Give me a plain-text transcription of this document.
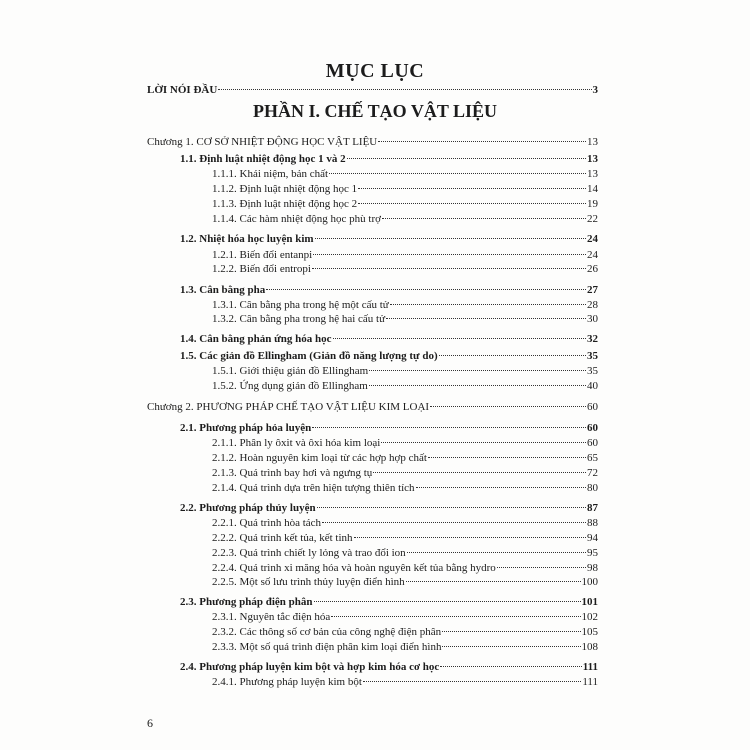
MỤC LỤC
LỜI NÓI ĐẦU	3
PHẦN I. CHẾ TẠO VẬT LIỆU
Chương 1. CƠ SỞ NHIỆT ĐỘNG HỌC VẬT LIỆU	13
1.1. Định luật nhiệt động học 1 và 2	13
1.1.1. Khái niệm, bản chất	13
1.1.2. Định luật nhiệt động học 1	14
1.1.3. Định luật nhiệt động học 2	19
1.1.4. Các hàm nhiệt động học phù trợ	22
1.2. Nhiệt hóa học luyện kim	24
1.2.1. Biến đổi entanpi	24
1.2.2. Biến đổi entropi	26
1.3. Cân bằng pha	27
1.3.1. Cân bằng pha trong hệ một cấu tử	28
1.3.2. Cân bằng pha trong hệ hai cấu tử	30
1.4. Cân bằng phản ứng hóa học	32
1.5. Các giản đồ Ellingham (Giản đồ năng lượng tự do)	35
1.5.1. Giới thiệu giản đồ Ellingham	35
1.5.2. Ứng dụng giản đồ Ellingham	40
Chương 2. PHƯƠNG PHÁP CHẾ TẠO VẬT LIỆU KIM LOẠI	60
2.1. Phương pháp hỏa luyện	60
2.1.1. Phân ly ôxit và ôxi hóa kim loại	60
2.1.2. Hoàn nguyên kim loại từ các hợp hợp chất	65
2.1.3. Quá trình bay hơi và ngưng tụ	72
2.1.4. Quá trình dựa trên hiện tượng thiên tích	80
2.2. Phương pháp thủy luyện	87
2.2.1. Quá trình hòa tách	88
2.2.2. Quá trình kết tủa, kết tinh	94
2.2.3. Quá trình chiết ly lỏng và trao đổi ion	95
2.2.4. Quá trình xi măng hóa và hoàn nguyên kết tủa bằng hydro	98
2.2.5. Một số lưu trình thủy luyện điển hình	100
2.3. Phương pháp điện phân	101
2.3.1. Nguyên tắc điện hóa	102
2.3.2. Các thông số cơ bản của công nghệ điện phân	105
2.3.3. Một số quá trình điện phân kim loại điển hình	108
2.4. Phương pháp luyện kim bột và hợp kim hóa cơ học	111
2.4.1. Phương pháp luyện kim bột	111
6
